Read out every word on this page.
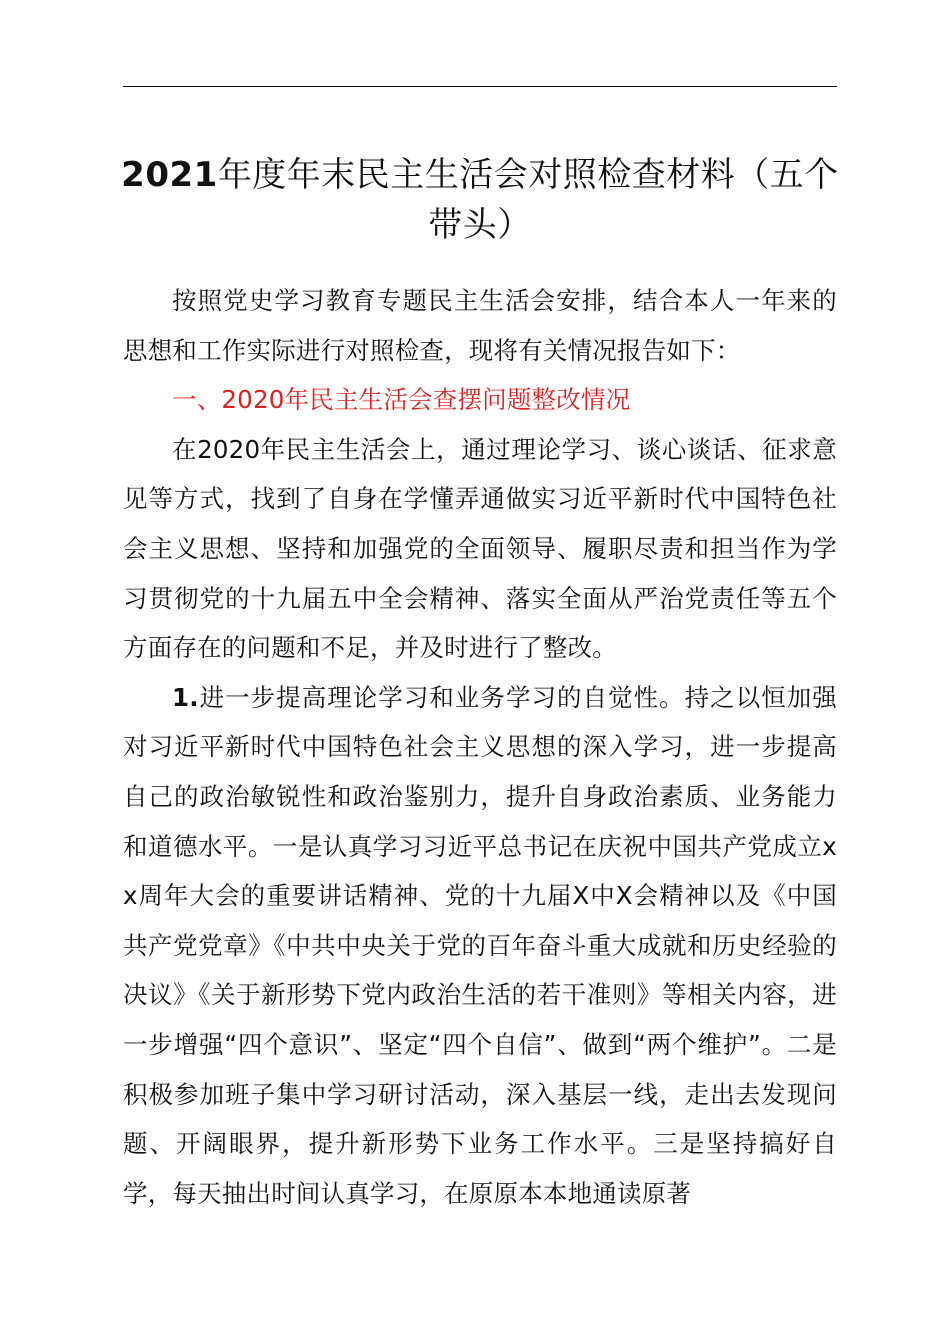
2021年度年末民主生活会对照检查材料（五个带头）

按照党史学习教育专题民主生活会安排，结合本人一年来的思想和工作实际进行对照检查，现将有关情况报告如下：

一、2020年民主生活会查摆问题整改情况

在2020年民主生活会上，通过理论学习、谈心谈话、征求意见等方式，找到了自身在学懂弄通做实习近平新时代中国特色社会主义思想、坚持和加强党的全面领导、履职尽责和担当作为学习贯彻党的十九届五中全会精神、落实全面从严治党责任等五个方面存在的问题和不足，并及时进行了整改。

1.进一步提高理论学习和业务学习的自觉性。持之以恒加强对习近平新时代中国特色社会主义思想的深入学习，进一步提高自己的政治敏锐性和政治鉴别力，提升自身政治素质、业务能力和道德水平。一是认真学习习近平总书记在庆祝中国共产党成立xx周年大会的重要讲话精神、党的十九届X中X会精神以及《中国共产党党章》《中共中央关于党的百年奋斗重大成就和历史经验的决议》《关于新形势下党内政治生活的若干准则》等相关内容，进一步增强“四个意识”、坚定“四个自信”、做到“两个维护”。二是积极参加班子集中学习研讨活动，深入基层一线，走出去发现问题、开阔眼界，提升新形势下业务工作水平。三是坚持搞好自学，每天抽出时间认真学习，在原原本本地通读原著
